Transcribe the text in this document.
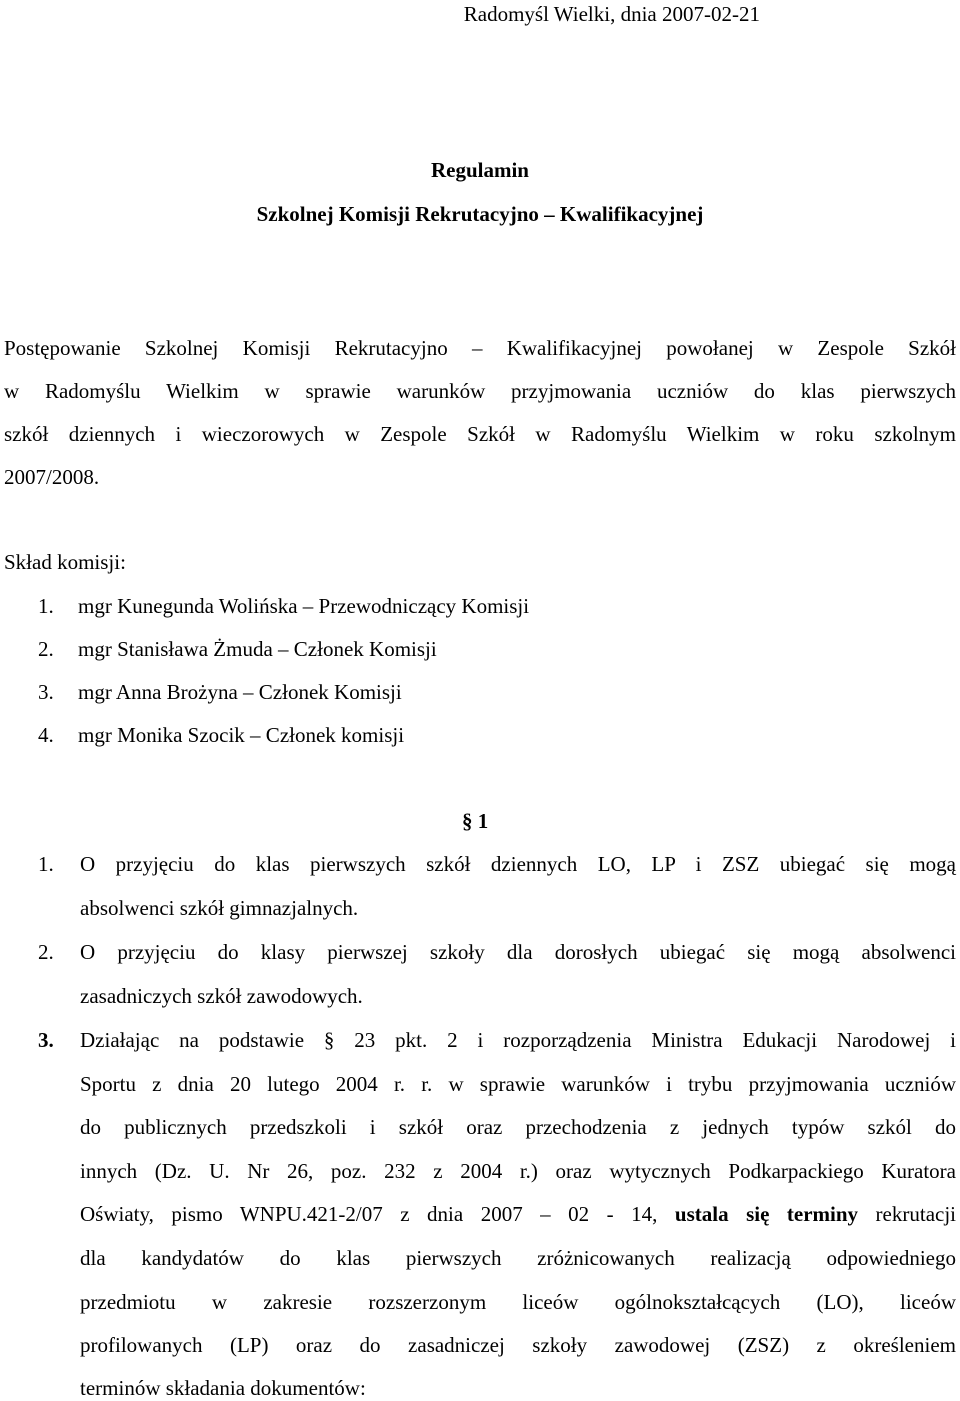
Radomyśl Wielki, dnia 2007-02-21
Regulamin
Szkolnej Komisji Rekrutacyjno – Kwalifikacyjnej
Postępowanie Szkolnej Komisji Rekrutacyjno – Kwalifikacyjnej powołanej w Zespole Szkół
w Radomyślu Wielkim w sprawie warunków przyjmowania uczniów do klas pierwszych
szkół dziennych i wieczorowych w Zespole Szkół w Radomyślu Wielkim w roku szkolnym
2007/2008.
Skład komisji:
1. mgr Kunegunda Wolińska – Przewodniczący Komisji
2. mgr Stanisława Żmuda – Członek Komisji
3. mgr Anna Brożyna – Członek Komisji
4. mgr Monika Szocik – Członek komisji
§ 1
1. O przyjęciu do klas pierwszych szkół dziennych LO, LP i ZSZ ubiegać się mogą
absolwenci szkół gimnazjalnych.
2. O przyjęciu do klasy pierwszej szkoły dla dorosłych ubiegać się mogą absolwenci
zasadniczych szkół zawodowych.
3. Działając na podstawie § 23 pkt. 2 i rozporządzenia Ministra Edukacji Narodowej i
Sportu z dnia 20 lutego 2004 r. r. w sprawie warunków i trybu przyjmowania uczniów
do publicznych przedszkoli i szkół oraz przechodzenia z jednych typów szkól do
innych (Dz. U. Nr 26, poz. 232 z 2004 r.) oraz wytycznych Podkarpackiego Kuratora
Oświaty, pismo WNPU.421-2/07 z dnia 2007 – 02 - 14, ustala się terminy rekrutacji
dla kandydatów do klas pierwszych zróżnicowanych realizacją odpowiedniego
przedmiotu w zakresie rozszerzonym liceów ogólnokształcących (LO), liceów
profilowanych (LP) oraz do zasadniczej szkoły zawodowej (ZSZ) z określeniem
terminów składania dokumentów:
